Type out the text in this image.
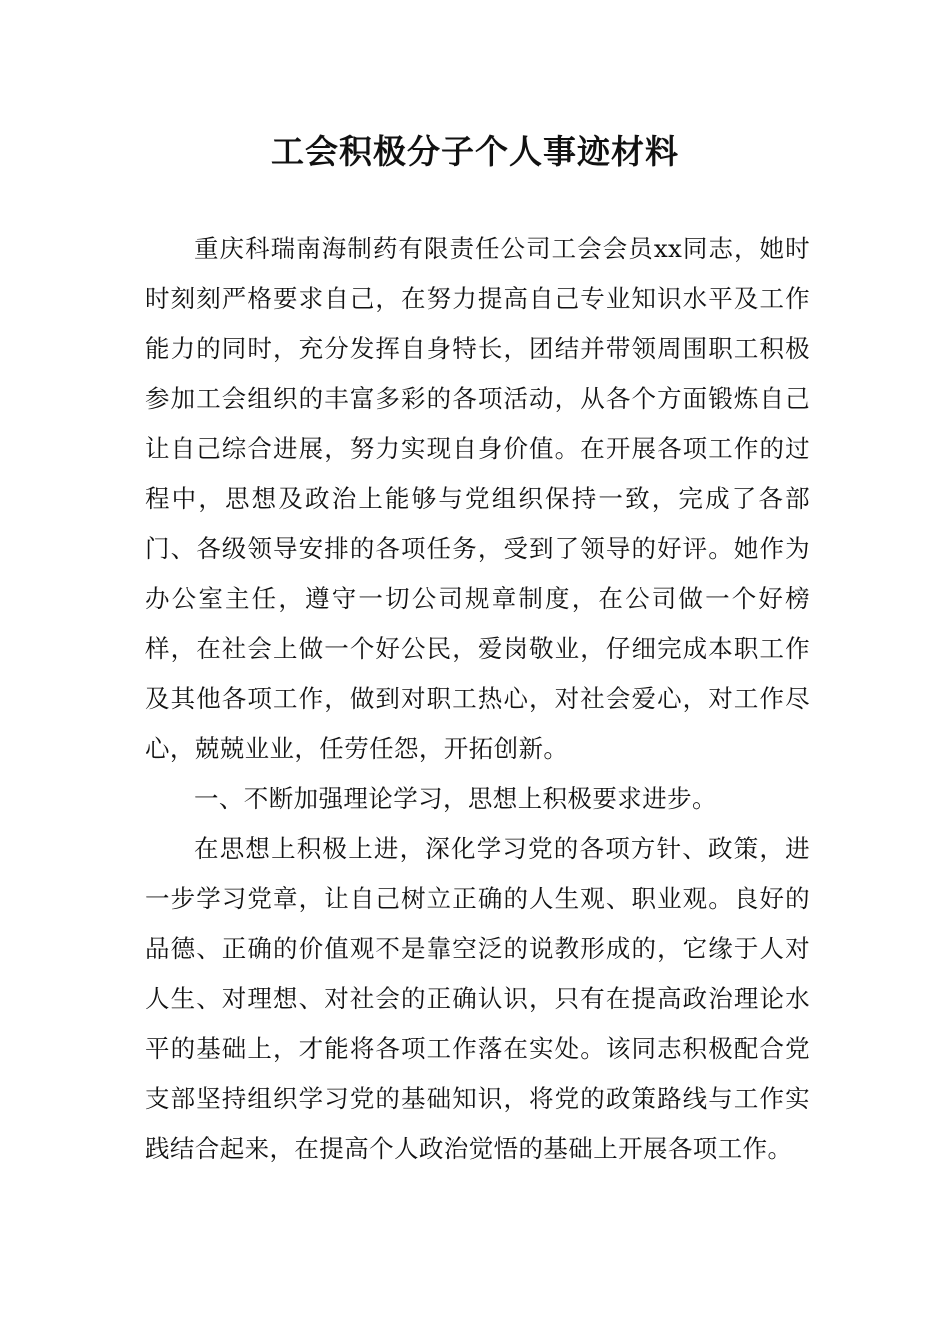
工会积极分子个人事迹材料

重庆科瑞南海制药有限责任公司工会会员xx同志，她时时刻刻严格要求自己，在努力提高自己专业知识水平及工作能力的同时，充分发挥自身特长，团结并带领周围职工积极参加工会组织的丰富多彩的各项活动，从各个方面锻炼自己让自己综合进展，努力实现自身价值。在开展各项工作的过程中，思想及政治上能够与党组织保持一致，完成了各部门、各级领导安排的各项任务，受到了领导的好评。她作为办公室主任，遵守一切公司规章制度，在公司做一个好榜样，在社会上做一个好公民，爱岗敬业，仔细完成本职工作及其他各项工作，做到对职工热心，对社会爱心，对工作尽心，兢兢业业，任劳任怨，开拓创新。

一、不断加强理论学习，思想上积极要求进步。

在思想上积极上进，深化学习党的各项方针、政策，进一步学习党章，让自己树立正确的人生观、职业观。良好的品德、正确的价值观不是靠空泛的说教形成的，它缘于人对人生、对理想、对社会的正确认识，只有在提高政治理论水平的基础上，才能将各项工作落在实处。该同志积极配合党支部坚持组织学习党的基础知识，将党的政策路线与工作实践结合起来，在提高个人政治觉悟的基础上开展各项工作。
